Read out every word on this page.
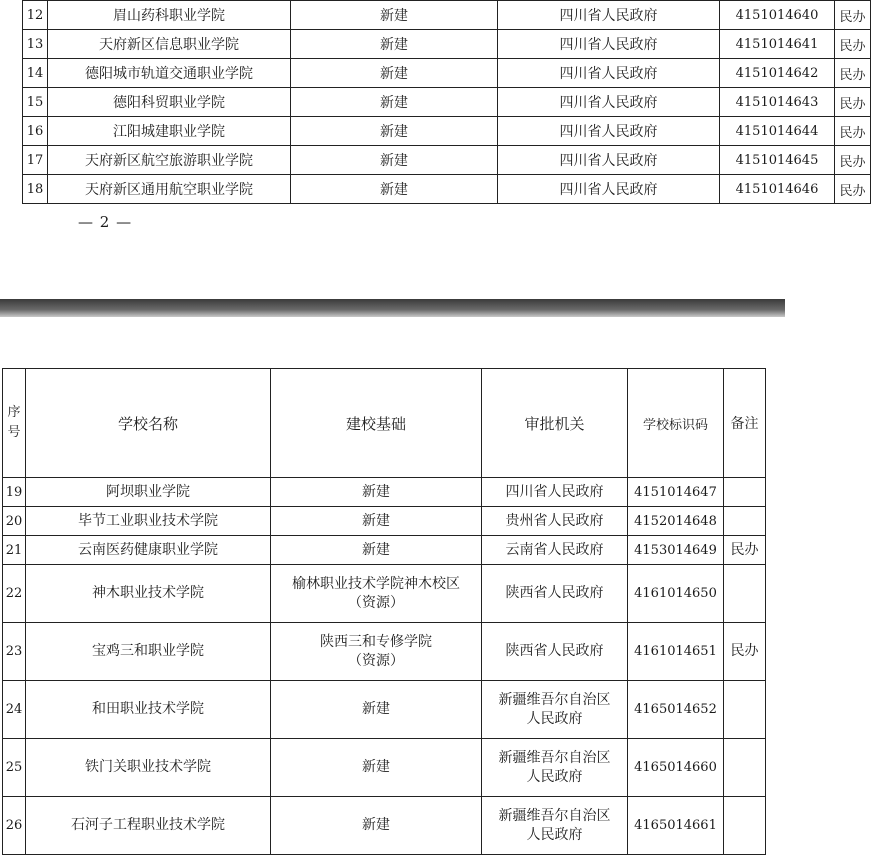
12	眉山药科职业学院	新建	四川省人民政府	4151014640	民办
13	天府新区信息职业学院	新建	四川省人民政府	4151014641	民办
14	德阳城市轨道交通职业学院	新建	四川省人民政府	4151014642	民办
15	德阳科贸职业学院	新建	四川省人民政府	4151014643	民办
16	江阳城建职业学院	新建	四川省人民政府	4151014644	民办
17	天府新区航空旅游职业学院	新建	四川省人民政府	4151014645	民办
18	天府新区通用航空职业学院	新建	四川省人民政府	4151014646	民办
— 2 —
序
号	学校名称	建校基础	审批机关	学校标识码	备注
19	阿坝职业学院	新建	四川省人民政府	4151014647	
20	毕节工业职业技术学院	新建	贵州省人民政府	4152014648	
21	云南医药健康职业学院	新建	云南省人民政府	4153014649	民办
22	神木职业技术学院	榆林职业技术学院神木校区
（资源）	陕西省人民政府	4161014650	
23	宝鸡三和职业学院	陕西三和专修学院
（资源）	陕西省人民政府	4161014651	民办
24	和田职业技术学院	新建	新疆维吾尔自治区
人民政府	4165014652	
25	铁门关职业技术学院	新建	新疆维吾尔自治区
人民政府	4165014660	
26	石河子工程职业技术学院	新建	新疆维吾尔自治区
人民政府	4165014661	
